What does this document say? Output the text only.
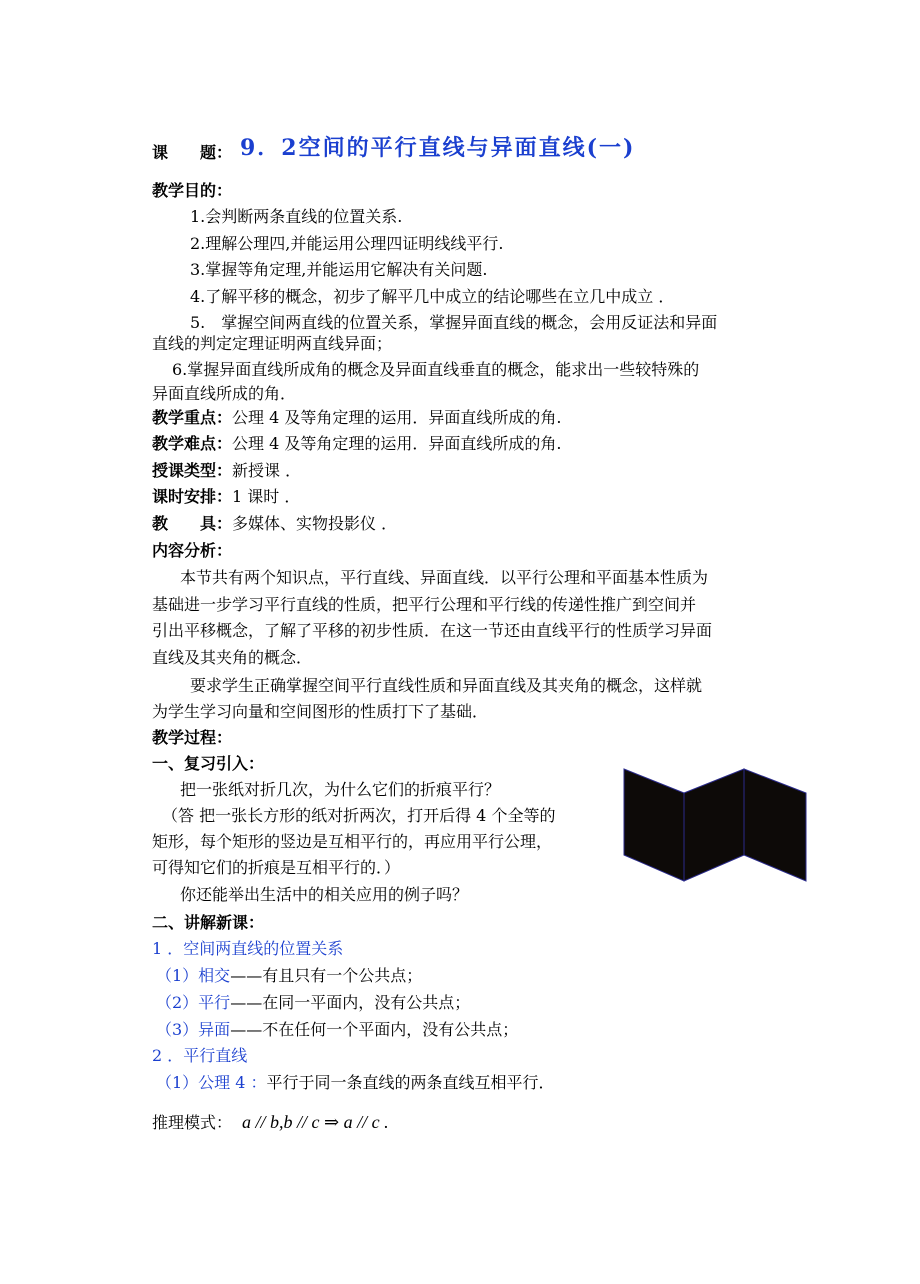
课　　题： 9．2空间的平行直线与异面直线(一)
教学目的：
1.会判断两条直线的位置关系.
2.理解公理四,并能运用公理四证明线线平行.
3.掌握等角定理,并能运用它解决有关问题.
4.了解平移的概念，初步了解平几中成立的结论哪些在立几中成立 ．
5.　掌握空间两直线的位置关系，掌握异面直线的概念，会用反证法和异面
直线的判定定理证明两直线异面；
6.掌握异面直线所成角的概念及异面直线垂直的概念，能求出一些较特殊的
异面直线所成的角．
教学重点：公理 4 及等角定理的运用．异面直线所成的角.
教学难点：公理 4 及等角定理的运用．异面直线所成的角.
授课类型：新授课 ．
课时安排：1 课时 ．
教　　具：多媒体、实物投影仪 ．
内容分析：
本节共有两个知识点，平行直线、异面直线．以平行公理和平面基本性质为
基础进一步学习平行直线的性质，把平行公理和平行线的传递性推广到空间并
引出平移概念，了解了平移的初步性质．在这一节还由直线平行的性质学习异面
直线及其夹角的概念．
要求学生正确掌握空间平行直线性质和异面直线及其夹角的概念，这样就
为学生学习向量和空间图形的性质打下了基础．
教学过程：
一、复习引入：
把一张纸对折几次，为什么它们的折痕平行？
（答 把一张长方形的纸对折两次，打开后得 4 个全等的
矩形，每个矩形的竖边是互相平行的，再应用平行公理，
可得知它们的折痕是互相平行的．）
你还能举出生活中的相关应用的例子吗？
二、讲解新课：
1 ．空间两直线的位置关系
（1）相交——有且只有一个公共点；
（2）平行——在同一平面内，没有公共点；
（3）异面——不在任何一个平面内，没有公共点；
2 ．平行直线
（1）公理 4 ：平行于同一条直线的两条直线互相平行．
推理模式： a // b,b // c ⇒ a // c .
